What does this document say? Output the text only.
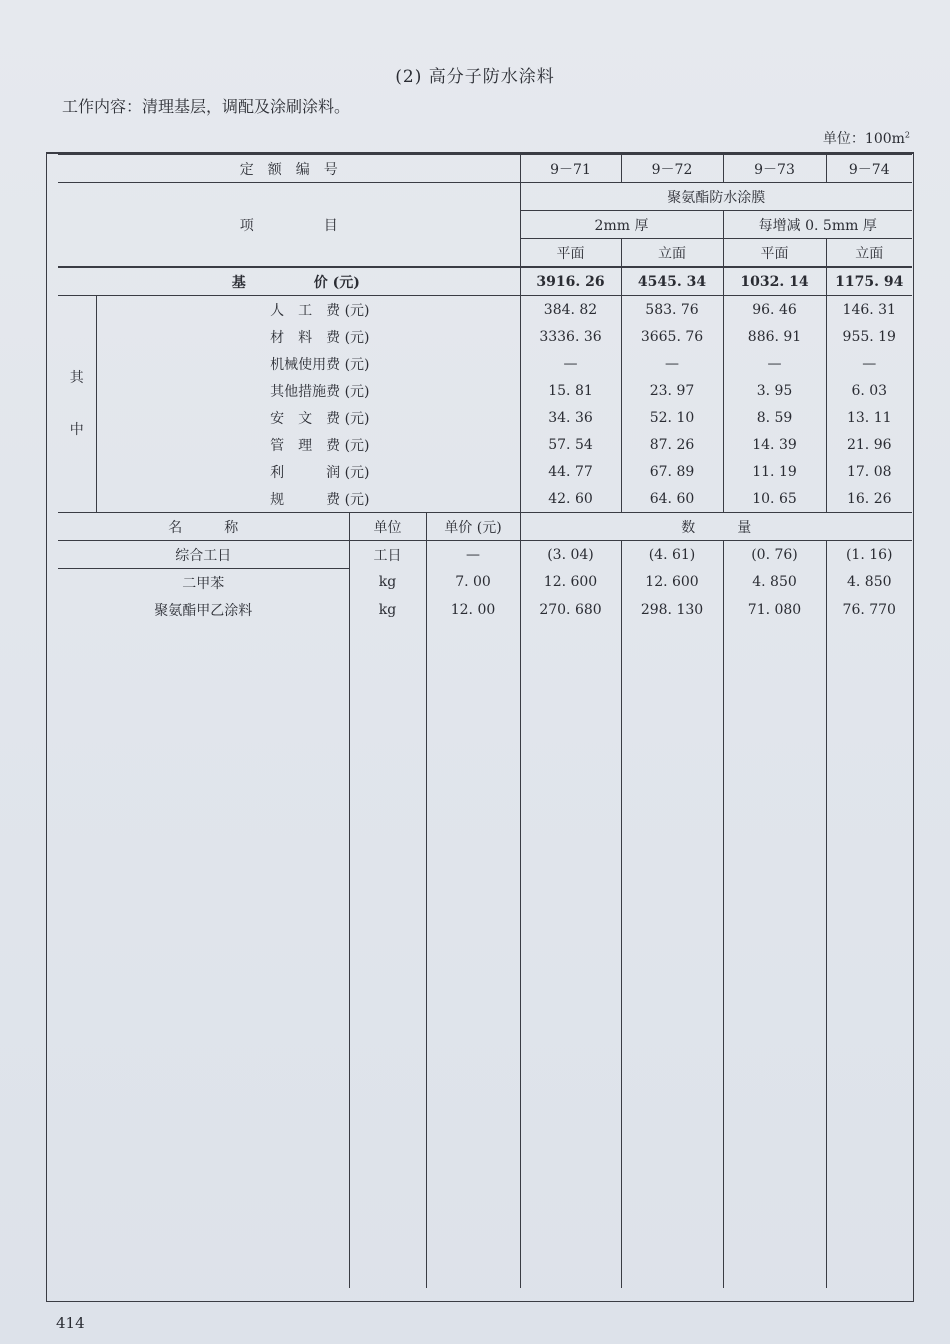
(2) 高分子防水涂料
工作内容：清理基层，调配及涂刷涂料。
单位：$100m^2$
定　额　编　号				9－71	9－72	9－73	9－74
项　　　　　目				聚氨酯防水涂膜			
				2mm 厚		每增减 0. 5mm 厚	
				平面	立面	平面	立面
基 价 (元)				3916. 26	4545. 34	1032. 14	1175. 94

其
中	人　工　费 (元)			384. 82	583. 76	96. 46	146. 31
	材　料　费 (元)			3336. 36	3665. 76	886. 91	955. 19
	机械使用费 (元)			—	—	—	—
	其他措施费 (元)			15. 81	23. 97	3. 95	6. 03
	安　文　费 (元)			34. 36	52. 10	8. 59	13. 11
	管　理　费 (元)			57. 54	87. 26	14. 39	21. 96
	利　　　润 (元)			44. 77	67. 89	11. 19	17. 08
	规　　　费 (元)			42. 60	64. 60	10. 65	16. 26
名　　　称		单位	单价 (元)	数　　　量			
综合工日		工日	—	(3. 04)	(4. 61)	(0. 76)	(1. 16)
二甲苯		kg	7. 00	12. 600	12. 600	4. 850	4. 850
聚氨酯甲乙涂料		kg	12. 00	270. 680	298. 130	71. 080	76. 770

414
